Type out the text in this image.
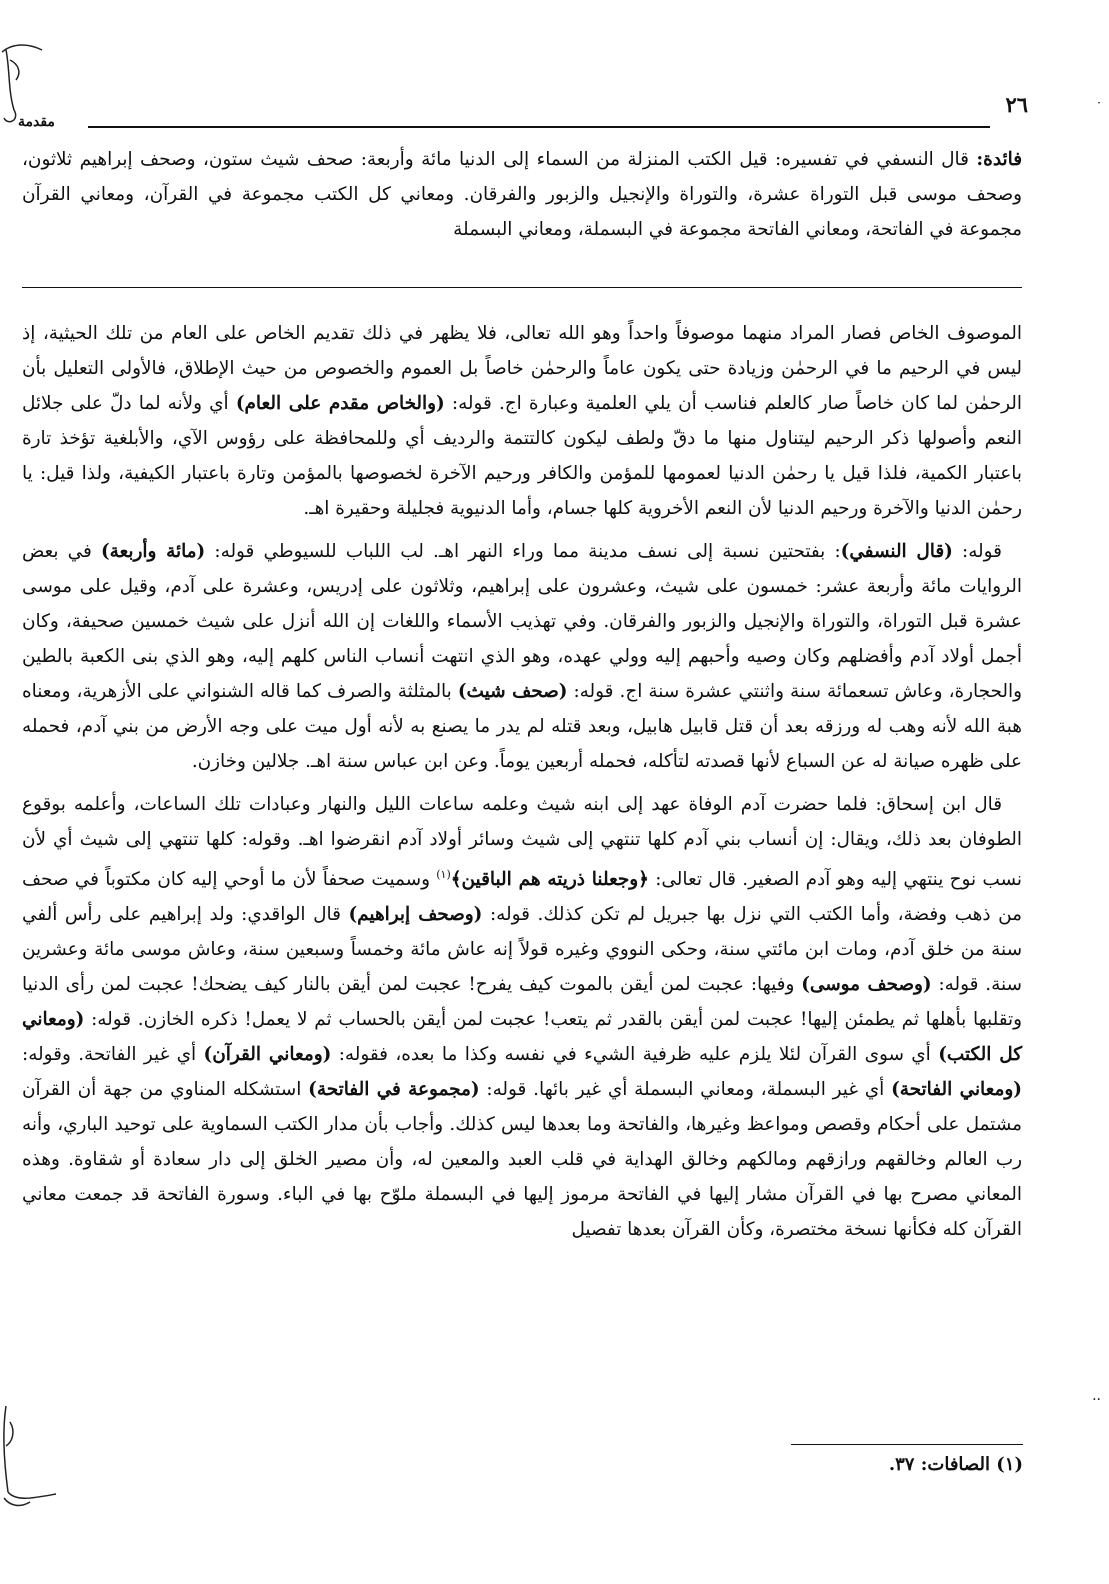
·
٢٦
مقدمة

فائدة: قال النسفي في تفسيره: قيل الكتب المنزلة من السماء إلى الدنيا مائة وأربعة: صحف شيث ستون، وصحف إبراهيم ثلاثون، وصحف موسى قبل التوراة عشرة، والتوراة والإنجيل والزبور والفرقان. ومعاني كل الكتب مجموعة في القرآن، ومعاني القرآن مجموعة في الفاتحة، ومعاني الفاتحة مجموعة في البسملة، ومعاني البسملة

الموصوف الخاص فصار المراد منهما موصوفاً واحداً وهو الله تعالى، فلا يظهر في ذلك تقديم الخاص على العام من تلك الحيثية، إذ ليس في الرحيم ما في الرحمٰن وزيادة حتى يكون عاماً والرحمٰن خاصاً بل العموم والخصوص من حيث الإطلاق، فالأولى التعليل بأن الرحمٰن لما كان خاصاً صار كالعلم فناسب أن يلي العلمية وعبارة اج. قوله: (والخاص مقدم على العام) أي ولأنه لما دلّ على جلائل النعم وأصولها ذكر الرحيم ليتناول منها ما دقّ ولطف ليكون كالتتمة والرديف أي وللمحافظة على رؤوس الآي، والأبلغية تؤخذ تارة باعتبار الكمية، فلذا قيل يا رحمٰن الدنيا لعمومها للمؤمن والكافر ورحيم الآخرة لخصوصها بالمؤمن وتارة باعتبار الكيفية، ولذا قيل: يا رحمٰن الدنيا والآخرة ورحيم الدنيا لأن النعم الأخروية كلها جسام، وأما الدنيوية فجليلة وحقيرة اهـ.

قوله: (قال النسفي): بفتحتين نسبة إلى نسف مدينة مما وراء النهر اهـ. لب اللباب للسيوطي قوله: (مائة وأربعة) في بعض الروايات مائة وأربعة عشر: خمسون على شيث، وعشرون على إبراهيم، وثلاثون على إدريس، وعشرة على آدم، وقيل على موسى عشرة قبل التوراة، والتوراة والإنجيل والزبور والفرقان. وفي تهذيب الأسماء واللغات إن الله أنزل على شيث خمسين صحيفة، وكان أجمل أولاد آدم وأفضلهم وكان وصيه وأحبهم إليه وولي عهده، وهو الذي انتهت أنساب الناس كلهم إليه، وهو الذي بنى الكعبة بالطين والحجارة، وعاش تسعمائة سنة واثنتي عشرة سنة اج. قوله: (صحف شيث) بالمثلثة والصرف كما قاله الشنواني على الأزهرية، ومعناه هبة الله لأنه وهب له ورزقه بعد أن قتل قابيل هابيل، وبعد قتله لم يدر ما يصنع به لأنه أول ميت على وجه الأرض من بني آدم، فحمله على ظهره صيانة له عن السباع لأنها قصدته لتأكله، فحمله أربعين يوماً. وعن ابن عباس سنة اهـ. جلالين وخازن.

قال ابن إسحاق: فلما حضرت آدم الوفاة عهد إلى ابنه شيث وعلمه ساعات الليل والنهار وعبادات تلك الساعات، وأعلمه بوقوع الطوفان بعد ذلك، ويقال: إن أنساب بني آدم كلها تنتهي إلى شيث وسائر أولاد آدم انقرضوا اهـ. وقوله: كلها تنتهي إلى شيث أي لأن نسب نوح ينتهي إليه وهو آدم الصغير. قال تعالى: ﴿وجعلنا ذريته هم الباقين﴾$^{(١)}$ وسميت صحفاً لأن ما أوحي إليه كان مكتوباً في صحف من ذهب وفضة، وأما الكتب التي نزل بها جبريل لم تكن كذلك. قوله: (وصحف إبراهيم) قال الواقدي: ولد إبراهيم على رأس ألفي سنة من خلق آدم، ومات ابن مائتي سنة، وحكى النووي وغيره قولاً إنه عاش مائة وخمساً وسبعين سنة، وعاش موسى مائة وعشرين سنة. قوله: (وصحف موسى) وفيها: عجبت لمن أيقن بالموت كيف يفرح! عجبت لمن أيقن بالنار كيف يضحك! عجبت لمن رأى الدنيا وتقلبها بأهلها ثم يطمئن إليها! عجبت لمن أيقن بالقدر ثم يتعب! عجبت لمن أيقن بالحساب ثم لا يعمل! ذكره الخازن. قوله: (ومعاني كل الكتب) أي سوى القرآن لئلا يلزم عليه ظرفية الشيء في نفسه وكذا ما بعده، فقوله: (ومعاني القرآن) أي غير الفاتحة. وقوله: (ومعاني الفاتحة) أي غير البسملة، ومعاني البسملة أي غير بائها. قوله: (مجموعة في الفاتحة) استشكله المناوي من جهة أن القرآن مشتمل على أحكام وقصص ومواعظ وغيرها، والفاتحة وما بعدها ليس كذلك. وأجاب بأن مدار الكتب السماوية على توحيد الباري، وأنه رب العالم وخالقهم ورازقهم ومالكهم وخالق الهداية في قلب العبد والمعين له، وأن مصير الخلق إلى دار سعادة أو شقاوة. وهذه المعاني مصرح بها في القرآن مشار إليها في الفاتحة مرموز إليها في البسملة ملوّح بها في الباء. وسورة الفاتحة قد جمعت معاني القرآن كله فكأنها نسخة مختصرة، وكأن القرآن بعدها تفصيل

(١) الصافات: ٣٧.
··
